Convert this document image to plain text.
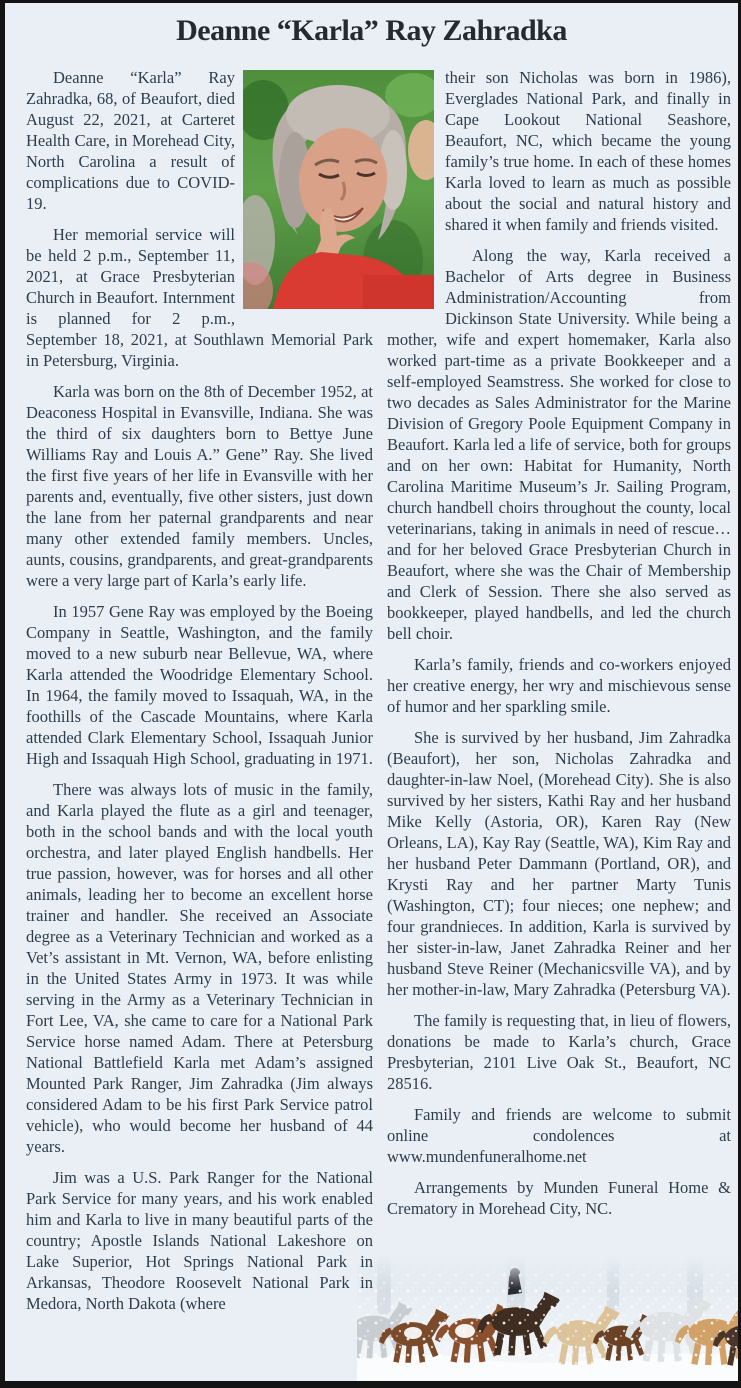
Deanne “Karla” Ray Zahradka

Deanne “Karla” Ray Zahradka, 68, of Beaufort, died August 22, 2021, at Carteret Health Care, in Morehead City, North Carolina a result of complications due to COVID-19.

Her memorial service will be held 2 p.m., September 11, 2021, at Grace Presbyterian Church in Beaufort. Internment is planned for 2 p.m., September 18, 2021, at Southlawn Memorial Park in Petersburg, Virginia.

Karla was born on the 8th of December 1952, at Deaconess Hospital in Evansville, Indiana. She was the third of six daughters born to Bettye June Williams Ray and Louis A.” Gene” Ray. She lived the first five years of her life in Evansville with her parents and, eventually, five other sisters, just down the lane from her paternal grandparents and near many other extended family members. Uncles, aunts, cousins, grandparents, and great-grandparents were a very large part of Karla’s early life.

In 1957 Gene Ray was employed by the Boeing Company in Seattle, Washington, and the family moved to a new suburb near Bellevue, WA, where Karla attended the Woodridge Elementary School. In 1964, the family moved to Issaquah, WA, in the foothills of the Cascade Mountains, where Karla attended Clark Elementary School, Issaquah Junior High and Issaquah High School, graduating in 1971.

There was always lots of music in the family, and Karla played the flute as a girl and teenager, both in the school bands and with the local youth orchestra, and later played English handbells. Her true passion, however, was for horses and all other animals, leading her to become an excellent horse trainer and handler. She received an Associate degree as a Veterinary Technician and worked as a Vet’s assistant in Mt. Vernon, WA, before enlisting in the United States Army in 1973. It was while serving in the Army as a Veterinary Technician in Fort Lee, VA, she came to care for a National Park Service horse named Adam. There at Petersburg National Battlefield Karla met Adam’s assigned Mounted Park Ranger, Jim Zahradka (Jim always considered Adam to be his first Park Service patrol vehicle), who would become her husband of 44 years.

Jim was a U.S. Park Ranger for the National Park Service for many years, and his work enabled him and Karla to live in many beautiful parts of the country; Apostle Islands National Lakeshore on Lake Superior, Hot Springs National Park in Arkansas, Theodore Roosevelt National Park in Medora, North Dakota (where

their son Nicholas was born in 1986), Everglades National Park, and finally in Cape Lookout National Seashore, Beaufort, NC, which became the young family’s true home. In each of these homes Karla loved to learn as much as possible about the social and natural history and shared it when family and friends visited.

Along the way, Karla received a Bachelor of Arts degree in Business Administration/Accounting from Dickinson State University. While being a mother, wife and expert homemaker, Karla also worked part-time as a private Bookkeeper and a self-employed Seamstress. She worked for close to two decades as Sales Administrator for the Marine Division of Gregory Poole Equipment Company in Beaufort. Karla led a life of service, both for groups and on her own: Habitat for Humanity, North Carolina Maritime Museum’s Jr. Sailing Program, church handbell choirs throughout the county, local veterinarians, taking in animals in need of rescue…and for her beloved Grace Presbyterian Church in Beaufort, where she was the Chair of Membership and Clerk of Session. There she also served as bookkeeper, played handbells, and led the church bell choir.

Karla’s family, friends and co-workers enjoyed her creative energy, her wry and mischievous sense of humor and her sparkling smile.

She is survived by her husband, Jim Zahradka (Beaufort), her son, Nicholas Zahradka and daughter-in-law Noel, (Morehead City). She is also survived by her sisters, Kathi Ray and her husband Mike Kelly (Astoria, OR), Karen Ray (New Orleans, LA), Kay Ray (Seattle, WA), Kim Ray and her husband Peter Dammann (Portland, OR), and Krysti Ray and her partner Marty Tunis (Washington, CT); four nieces; one nephew; and four grandnieces. In addition, Karla is survived by her sister-in-law, Janet Zahradka Reiner and her husband Steve Reiner (Mechanicsville VA), and by her mother-in-law, Mary Zahradka (Petersburg VA).

The family is requesting that, in lieu of flowers, donations be made to Karla’s church, Grace Presbyterian, 2101 Live Oak St., Beaufort, NC 28516.

Family and friends are welcome to submit online condolences at www.mundenfuneralhome.net

Arrangements by Munden Funeral Home & Crematory in Morehead City, NC.
